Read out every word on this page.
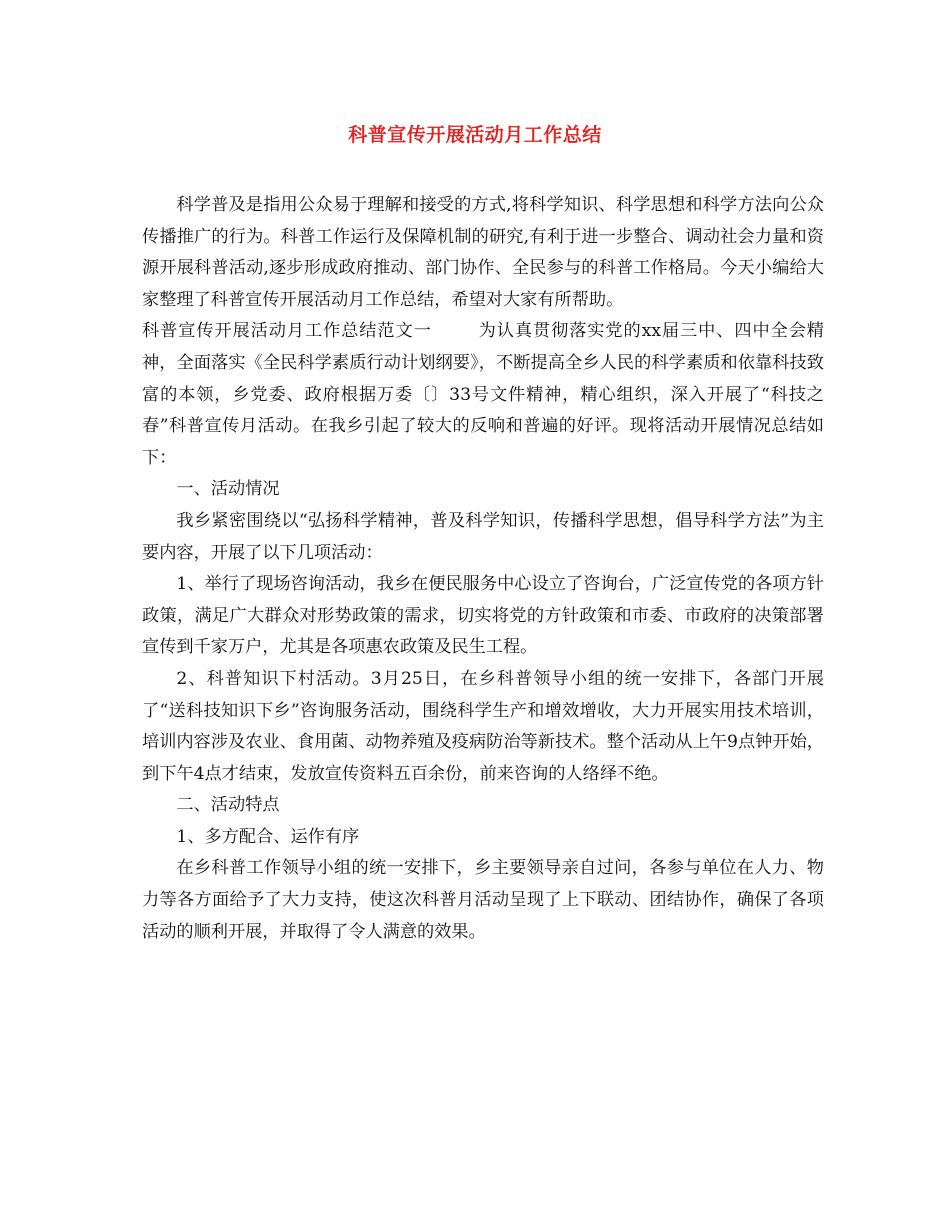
科普宣传开展活动月工作总结

科学普及是指用公众易于理解和接受的方式,将科学知识、科学思想和科学方法向公众传播推广的行为。科普工作运行及保障机制的研究,有利于进一步整合、调动社会力量和资源开展科普活动,逐步形成政府推动、部门协作、全民参与的科普工作格局。今天小编给大家整理了科普宣传开展活动月工作总结，希望对大家有所帮助。

科普宣传开展活动月工作总结范文一	为认真贯彻落实党的xx届三中、四中全会精神，全面落实《全民科学素质行动计划纲要》，不断提高全乡人民的科学素质和依靠科技致富的本领，乡党委、政府根据万委〔〕33号文件精神，精心组织，深入开展了“科技之春”科普宣传月活动。在我乡引起了较大的反响和普遍的好评。现将活动开展情况总结如下：

一、活动情况

我乡紧密围绕以“弘扬科学精神，普及科学知识，传播科学思想，倡导科学方法”为主要内容，开展了以下几项活动：

1、举行了现场咨询活动，我乡在便民服务中心设立了咨询台，广泛宣传党的各项方针政策，满足广大群众对形势政策的需求，切实将党的方针政策和市委、市政府的决策部署宣传到千家万户，尤其是各项惠农政策及民生工程。

2、科普知识下村活动。3月25日，在乡科普领导小组的统一安排下，各部门开展了“送科技知识下乡”咨询服务活动，围绕科学生产和增效增收，大力开展实用技术培训，培训内容涉及农业、食用菌、动物养殖及疫病防治等新技术。整个活动从上午9点钟开始，到下午4点才结束，发放宣传资料五百余份，前来咨询的人络绎不绝。

二、活动特点

1、多方配合、运作有序

在乡科普工作领导小组的统一安排下，乡主要领导亲自过问，各参与单位在人力、物力等各方面给予了大力支持，使这次科普月活动呈现了上下联动、团结协作，确保了各项活动的顺利开展，并取得了令人满意的效果。
